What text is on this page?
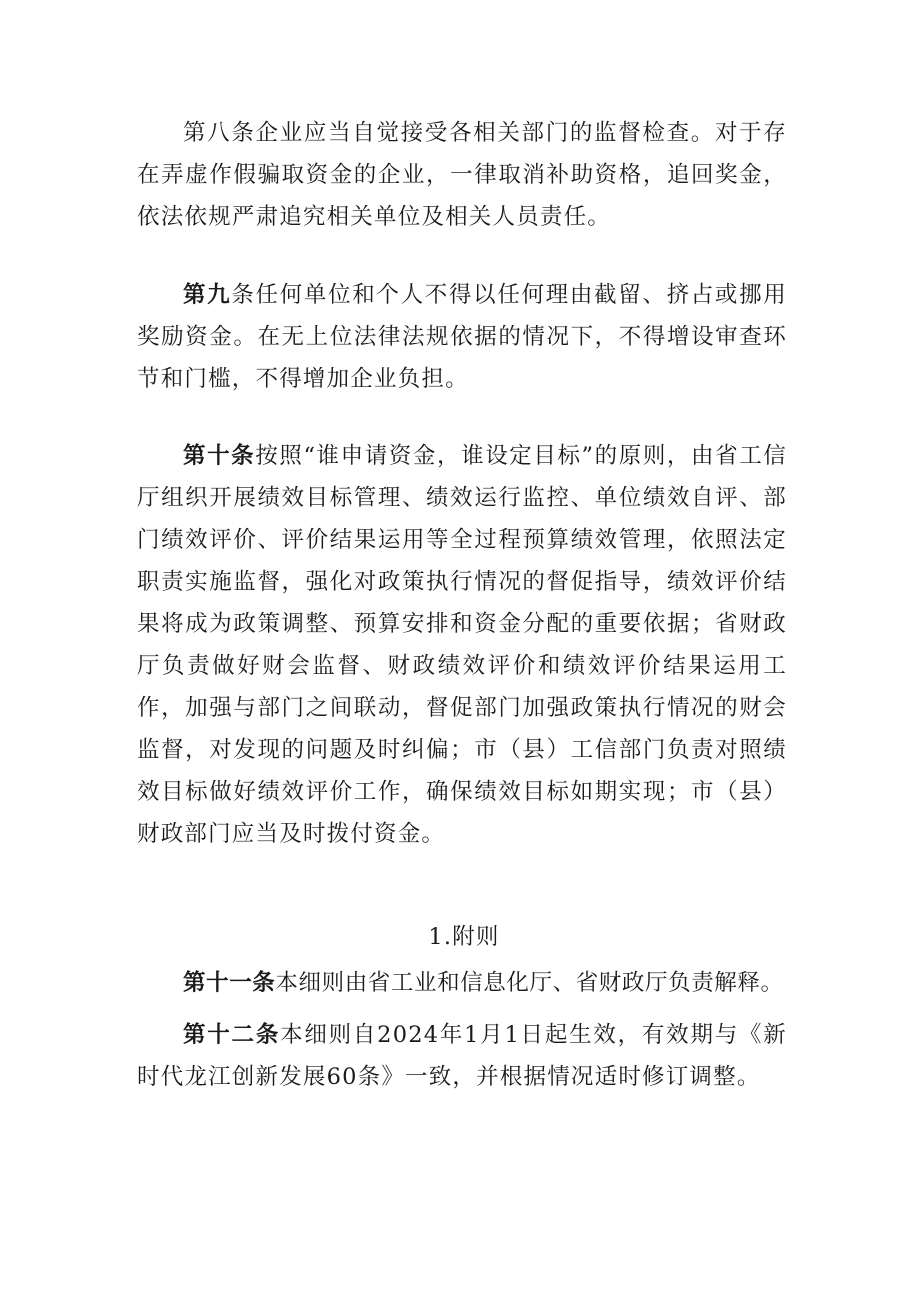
第八条企业应当自觉接受各相关部门的监督检查。对于存在弄虚作假骗取资金的企业，一律取消补助资格，追回奖金，依法依规严肃追究相关单位及相关人员责任。

第九条任何单位和个人不得以任何理由截留、挤占或挪用奖励资金。在无上位法律法规依据的情况下，不得增设审查环节和门槛，不得增加企业负担。

第十条按照“谁申请资金，谁设定目标”的原则，由省工信厅组织开展绩效目标管理、绩效运行监控、单位绩效自评、部门绩效评价、评价结果运用等全过程预算绩效管理，依照法定职责实施监督，强化对政策执行情况的督促指导，绩效评价结果将成为政策调整、预算安排和资金分配的重要依据；省财政厅负责做好财会监督、财政绩效评价和绩效评价结果运用工作，加强与部门之间联动，督促部门加强政策执行情况的财会监督，对发现的问题及时纠偏；市（县）工信部门负责对照绩效目标做好绩效评价工作，确保绩效目标如期实现；市（县）财政部门应当及时拨付资金。

1.附则

第十一条本细则由省工业和信息化厅、省财政厅负责解释。

第十二条本细则自2024年1月1日起生效，有效期与《新时代龙江创新发展60条》一致，并根据情况适时修订调整。
